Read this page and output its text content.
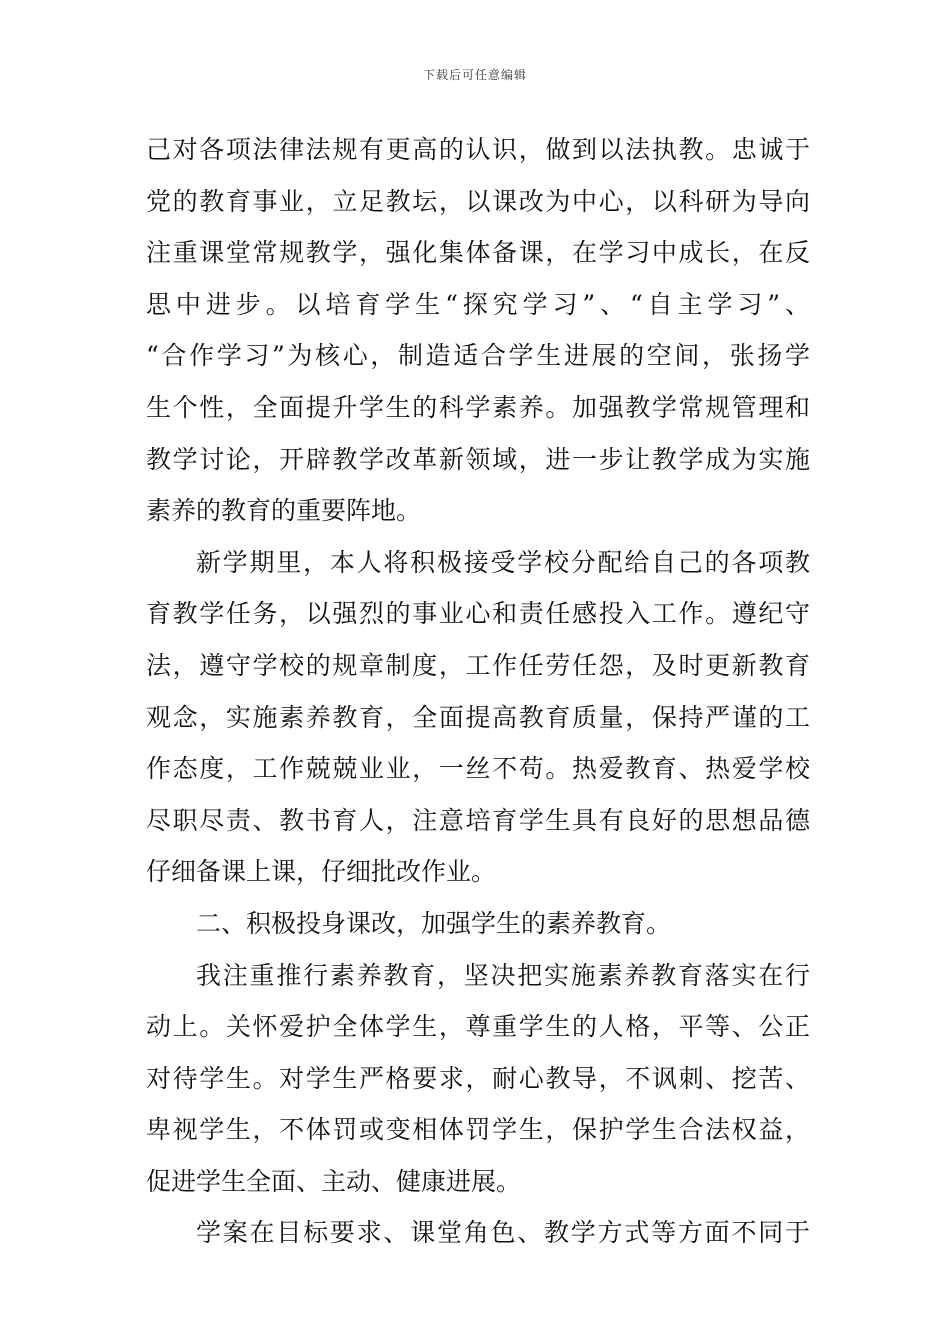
下载后可任意编辑
己对各项法律法规有更高的认识，做到以法执教。忠诚于
党的教育事业，立足教坛，以课改为中心，以科研为导向
注重课堂常规教学，强化集体备课，在学习中成长，在反
思中进步。以培育学生“探究学习”、“自主学习”、
“合作学习”为核心，制造适合学生进展的空间，张扬学
生个性，全面提升学生的科学素养。加强教学常规管理和
教学讨论，开辟教学改革新领域，进一步让教学成为实施
素养的教育的重要阵地。
新学期里，本人将积极接受学校分配给自己的各项教
育教学任务，以强烈的事业心和责任感投入工作。遵纪守
法，遵守学校的规章制度，工作任劳任怨，及时更新教育
观念，实施素养教育，全面提高教育质量，保持严谨的工
作态度，工作兢兢业业，一丝不苟。热爱教育、热爱学校
尽职尽责、教书育人，注意培育学生具有良好的思想品德
仔细备课上课，仔细批改作业。
二、积极投身课改，加强学生的素养教育。
我注重推行素养教育，坚决把实施素养教育落实在行
动上。关怀爱护全体学生，尊重学生的人格，平等、公正
对待学生。对学生严格要求，耐心教导，不讽刺、挖苦、
卑视学生，不体罚或变相体罚学生，保护学生合法权益，
促进学生全面、主动、健康进展。
学案在目标要求、课堂角色、教学方式等方面不同于
